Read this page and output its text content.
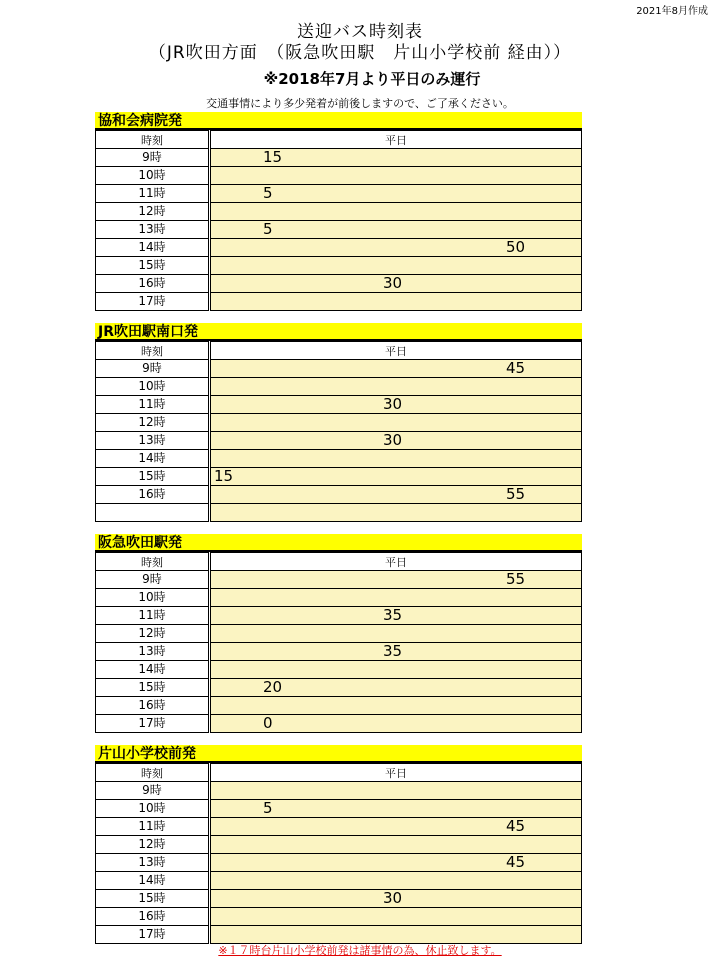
2021年8月作成
送迎バス時刻表
（JR吹田方面　（阪急吹田駅　片山小学校前 経由））
※2018年7月より平日のみ運行
交通事情により多少発着が前後しますので、ご了承ください。
協和会病院発
時刻	平日
9時	15

10時	
11時	5

12時	
13時	5

14時	50

15時	
16時	30

17時	
JR吹田駅南口発
時刻	平日
9時	45

10時	
11時	30

12時	
13時	30

14時	
15時	15

16時	55

阪急吹田駅発
時刻	平日
9時	55

10時	
11時	35

12時	
13時	35

14時	
15時	20

16時	
17時	0
片山小学校前発
時刻	平日
9時	
10時	5

11時	45

12時	
13時	45

14時	
15時	30

16時	
17時	
※１７時台片山小学校前発は諸事情の為、休止致します。
